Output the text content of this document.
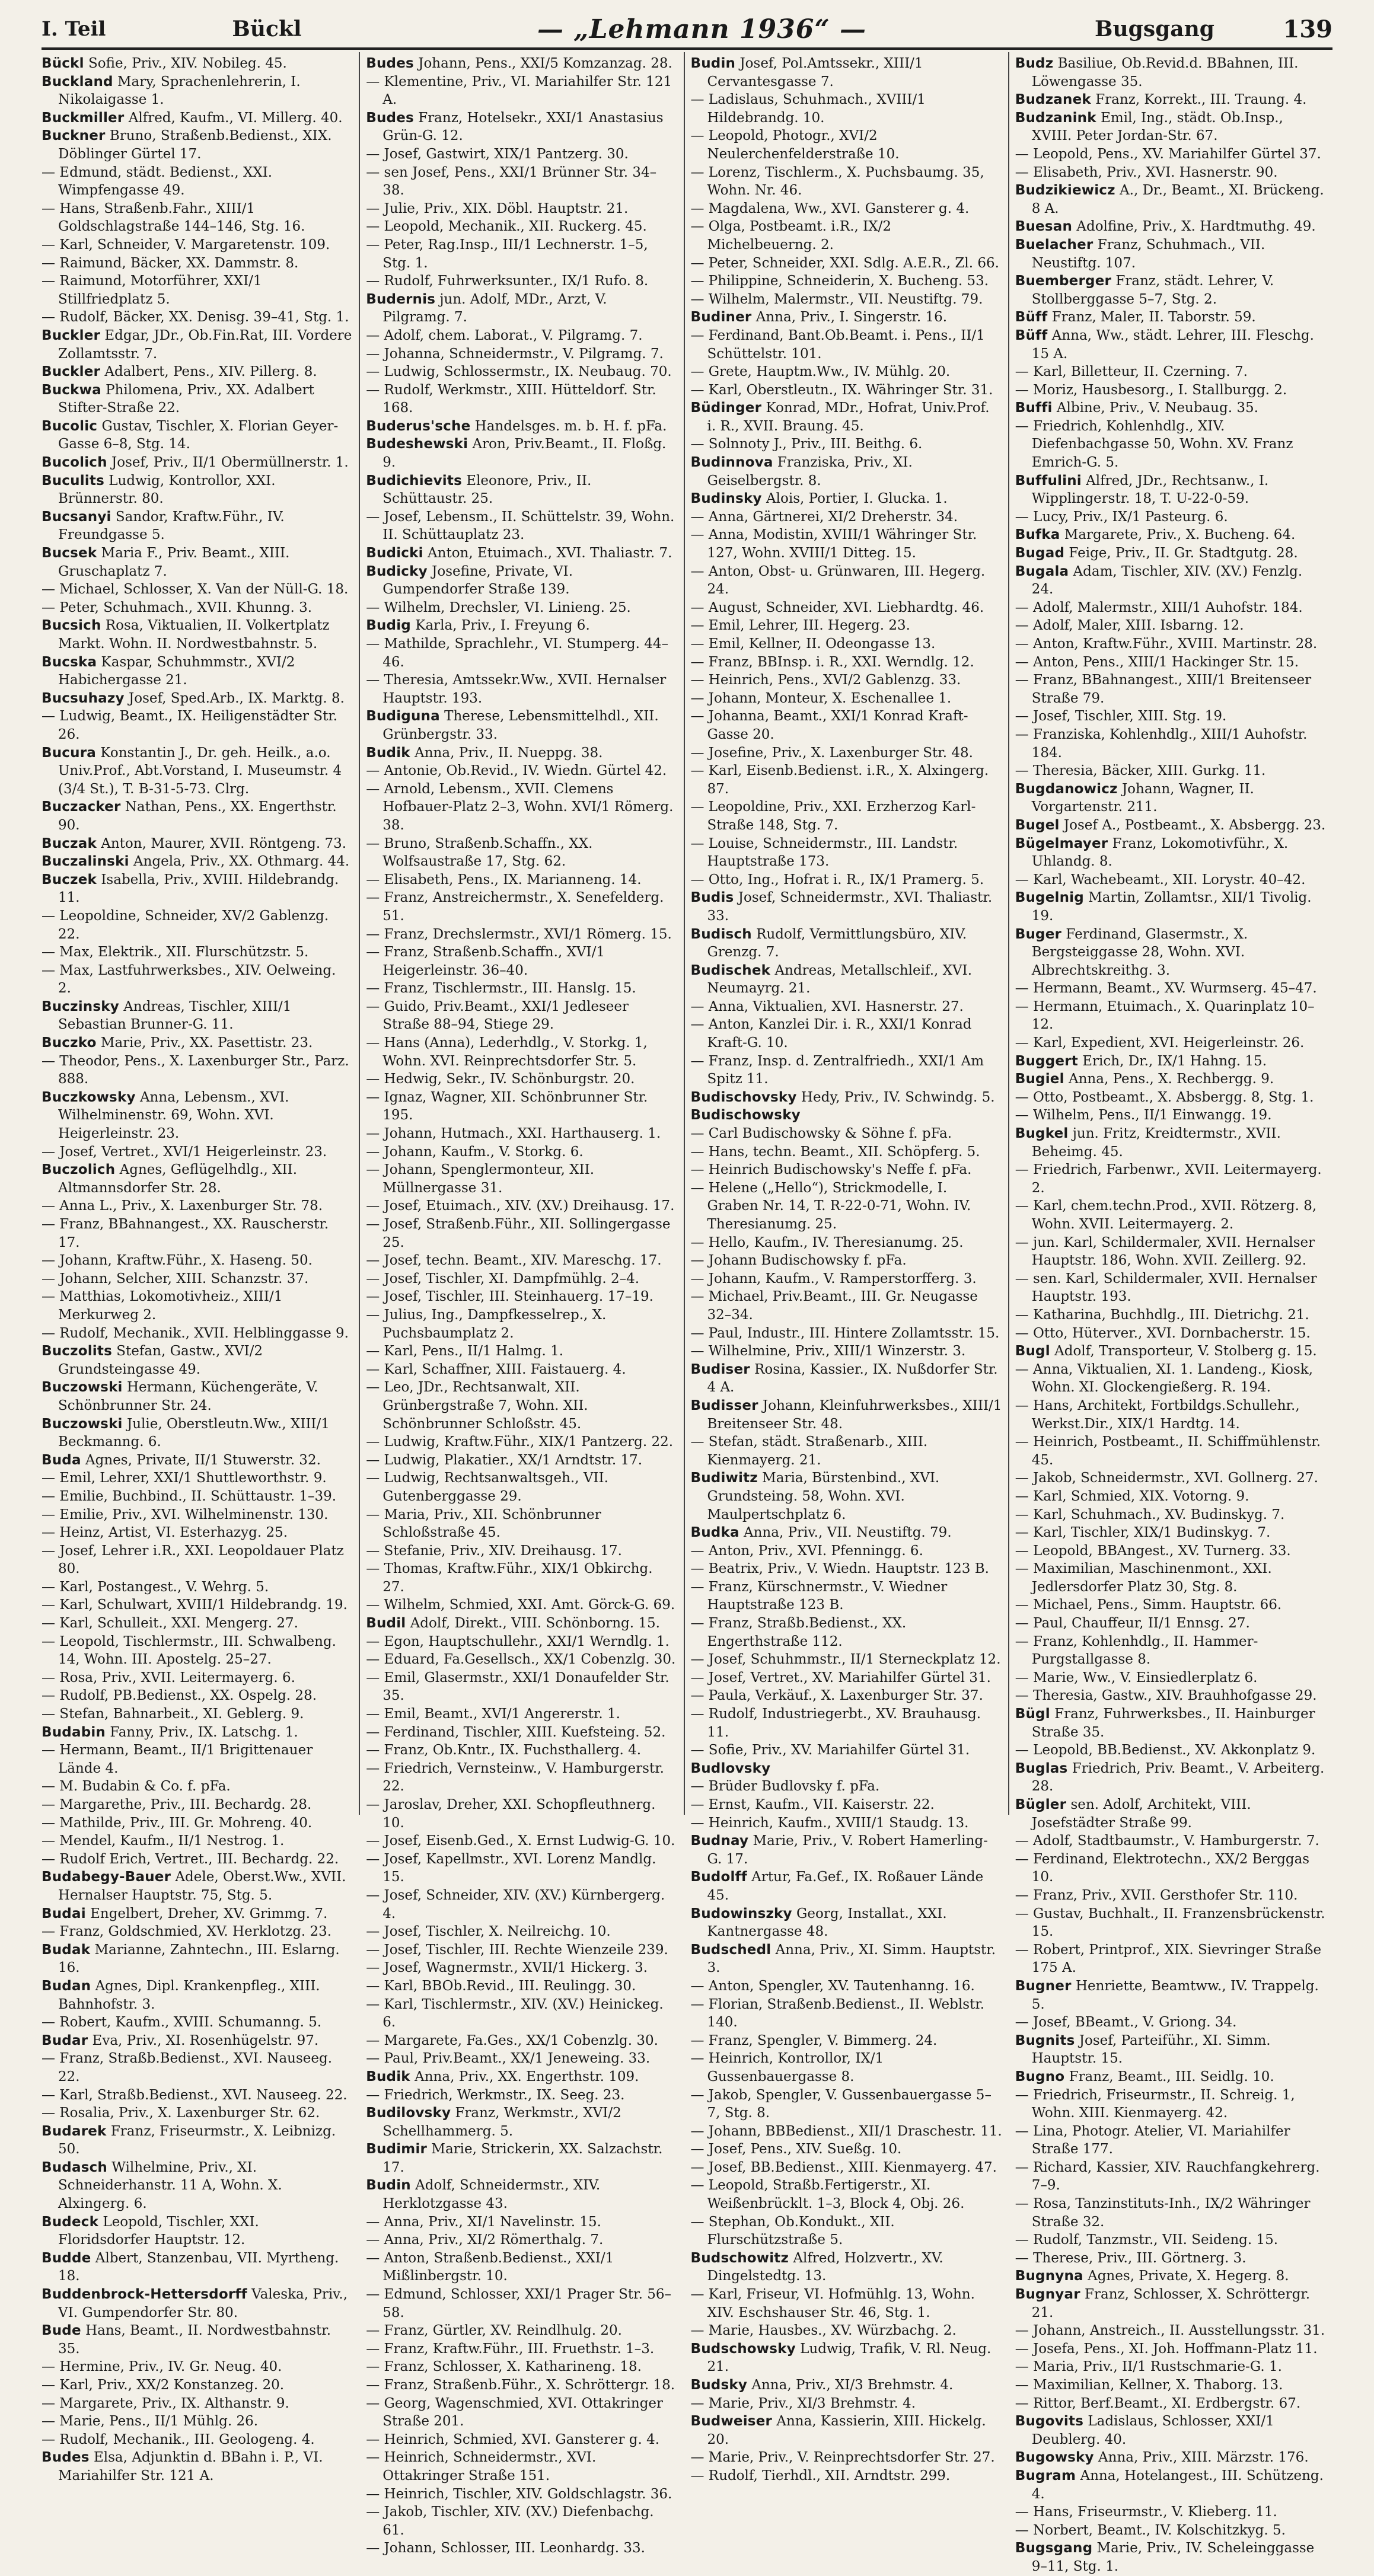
I. Teil	Bückl	— „Lehmann 1936“ —	Bugsgang	139

Bückl Sofie, Priv., XIV. Nobileg. 45.

Buckland Mary, Sprachenlehrerin, I. Nikolaigasse 1.

Buckmiller Alfred, Kaufm., VI. Millerg. 40.

Buckner Bruno, Straßenb.Bedienst., XIX. Döblinger Gürtel 17.

— Edmund, städt. Bedienst., XXI. Wimpfengasse 49.

— Hans, Straßenb.Fahr., XIII/1 Goldschlagstraße 144–146, Stg. 16.

— Karl, Schneider, V. Margaretenstr. 109.

— Raimund, Bäcker, XX. Dammstr. 8.

— Raimund, Motorführer, XXI/1 Stillfriedplatz 5.

— Rudolf, Bäcker, XX. Denisg. 39–41, Stg. 1.

Buckler Edgar, JDr., Ob.Fin.Rat, III. Vordere Zollamtsstr. 7.

Buckler Adalbert, Pens., XIV. Pillerg. 8.

Buckwa Philomena, Priv., XX. Adalbert Stifter-Straße 22.

Bucolic Gustav, Tischler, X. Florian Geyer-Gasse 6–8, Stg. 14.

Bucolich Josef, Priv., II/1 Obermüllnerstr. 1.

Buculits Ludwig, Kontrollor, XXI. Brünnerstr. 80.

Bucsanyi Sandor, Kraftw.Führ., IV. Freundgasse 5.

Bucsek Maria F., Priv. Beamt., XIII. Gruschaplatz 7.

— Michael, Schlosser, X. Van der Nüll-G. 18.

— Peter, Schuhmach., XVII. Khunng. 3.

Bucsich Rosa, Viktualien, II. Volkertplatz Markt. Wohn. II. Nordwestbahnstr. 5.

Bucska Kaspar, Schuhmmstr., XVI/2 Habichergasse 21.

Bucsuhazy Josef, Sped.Arb., IX. Marktg. 8.

— Ludwig, Beamt., IX. Heiligenstädter Str. 26.

Bucura Konstantin J., Dr. geh. Heilk., a.o. Univ.Prof., Abt.Vorstand, I. Museumstr. 4 (3/4 St.), T. B-31-5-73. Clrg.

Buczacker Nathan, Pens., XX. Engerthstr. 90.

Buczak Anton, Maurer, XVII. Röntgeng. 73.

Buczalinski Angela, Priv., XX. Othmarg. 44.

Buczek Isabella, Priv., XVIII. Hildebrandg. 11.

— Leopoldine, Schneider, XV/2 Gablenzg. 22.

— Max, Elektrik., XII. Flurschützstr. 5.

— Max, Lastfuhrwerksbes., XIV. Oelweing. 2.

Buczinsky Andreas, Tischler, XIII/1 Sebastian Brunner-G. 11.

Buczko Marie, Priv., XX. Pasettistr. 23.

— Theodor, Pens., X. Laxenburger Str., Parz. 888.

Buczkowsky Anna, Lebensm., XVI. Wilhelminenstr. 69, Wohn. XVI. Heigerleinstr. 23.

— Josef, Vertret., XVI/1 Heigerleinstr. 23.

Buczolich Agnes, Geflügelhdlg., XII. Altmannsdorfer Str. 28.

— Anna L., Priv., X. Laxenburger Str. 78.

— Franz, BBahnangest., XX. Rauscherstr. 17.

— Johann, Kraftw.Führ., X. Haseng. 50.

— Johann, Selcher, XIII. Schanzstr. 37.

— Matthias, Lokomotivheiz., XIII/1 Merkurweg 2.

— Rudolf, Mechanik., XVII. Helblinggasse 9.

Buczolits Stefan, Gastw., XVI/2 Grundsteingasse 49.

Buczowski Hermann, Küchengeräte, V. Schönbrunner Str. 24.

Buczowski Julie, Oberstleutn.Ww., XIII/1 Beckmanng. 6.

Buda Agnes, Private, II/1 Stuwerstr. 32.

— Emil, Lehrer, XXI/1 Shuttleworthstr. 9.

— Emilie, Buchbind., II. Schüttaustr. 1–39.

— Emilie, Priv., XVI. Wilhelminenstr. 130.

— Heinz, Artist, VI. Esterhazyg. 25.

— Josef, Lehrer i.R., XXI. Leopoldauer Platz 80.

— Karl, Postangest., V. Wehrg. 5.

— Karl, Schulwart, XVIII/1 Hildebrandg. 19.

— Karl, Schulleit., XXI. Mengerg. 27.

— Leopold, Tischlermstr., III. Schwalbeng. 14, Wohn. III. Apostelg. 25–27.

— Rosa, Priv., XVII. Leitermayerg. 6.

— Rudolf, PB.Bedienst., XX. Ospelg. 28.

— Stefan, Bahnarbeit., XI. Geblerg. 9.

Budabin Fanny, Priv., IX. Latschg. 1.

— Hermann, Beamt., II/1 Brigittenauer Lände 4.

— M. Budabin & Co. f. pFa.

— Margarethe, Priv., III. Bechardg. 28.

— Mathilde, Priv., III. Gr. Mohreng. 40.

— Mendel, Kaufm., II/1 Nestrog. 1.

— Rudolf Erich, Vertret., III. Bechardg. 22.

Budabegy-Bauer Adele, Oberst.Ww., XVII. Hernalser Hauptstr. 75, Stg. 5.

Budai Engelbert, Dreher, XV. Grimmg. 7.

— Franz, Goldschmied, XV. Herklotzg. 23.

Budak Marianne, Zahntechn., III. Eslarng. 16.

Budan Agnes, Dipl. Krankenpfleg., XIII. Bahnhofstr. 3.

— Robert, Kaufm., XVIII. Schumanng. 5.

Budar Eva, Priv., XI. Rosenhügelstr. 97.

— Franz, Straßb.Bedienst., XVI. Nauseeg. 22.

— Karl, Straßb.Bedienst., XVI. Nauseeg. 22.

— Rosalia, Priv., X. Laxenburger Str. 62.

Budarek Franz, Friseurmstr., X. Leibnizg. 50.

Budasch Wilhelmine, Priv., XI. Schneiderhanstr. 11 A, Wohn. X. Alxingerg. 6.

Budeck Leopold, Tischler, XXI. Floridsdorfer Hauptstr. 12.

Budde Albert, Stanzenbau, VII. Myrtheng. 18.

Buddenbrock-Hettersdorff Valeska, Priv., VI. Gumpendorfer Str. 80.

Bude Hans, Beamt., II. Nordwestbahnstr. 35.

— Hermine, Priv., IV. Gr. Neug. 40.

— Karl, Priv., XX/2 Konstanzeg. 20.

— Margarete, Priv., IX. Althanstr. 9.

— Marie, Pens., II/1 Mühlg. 26.

— Rudolf, Mechanik., III. Geologeng. 4.

Budes Elsa, Adjunktin d. BBahn i. P., VI. Mariahilfer Str. 121 A.

Budes Johann, Pens., XXI/5 Komzanzag. 28.

— Klementine, Priv., VI. Mariahilfer Str. 121 A.

Budes Franz, Hotelsekr., XXI/1 Anastasius Grün-G. 12.

— Josef, Gastwirt, XIX/1 Pantzerg. 30.

— sen Josef, Pens., XXI/1 Brünner Str. 34–38.

— Julie, Priv., XIX. Döbl. Hauptstr. 21.

— Leopold, Mechanik., XII. Ruckerg. 45.

— Peter, Rag.Insp., III/1 Lechnerstr. 1–5, Stg. 1.

— Rudolf, Fuhrwerksunter., IX/1 Rufo. 8.

Budernis jun. Adolf, MDr., Arzt, V. Pilgramg. 7.

— Adolf, chem. Laborat., V. Pilgramg. 7.

— Johanna, Schneidermstr., V. Pilgramg. 7.

— Ludwig, Schlossermstr., IX. Neubaug. 70.

— Rudolf, Werkmstr., XIII. Hütteldorf. Str. 168.

Buderus'sche Handelsges. m. b. H. f. pFa.

Budeshewski Aron, Priv.Beamt., II. Floßg. 9.

Budichievits Eleonore, Priv., II. Schüttaustr. 25.

— Josef, Lebensm., II. Schüttelstr. 39, Wohn. II. Schüttauplatz 23.

Budicki Anton, Etuimach., XVI. Thaliastr. 7.

Budicky Josefine, Private, VI. Gumpendorfer Straße 139.

— Wilhelm, Drechsler, VI. Linieng. 25.

Budig Karla, Priv., I. Freyung 6.

— Mathilde, Sprachlehr., VI. Stumperg. 44–46.

— Theresia, Amtssekr.Ww., XVII. Hernalser Hauptstr. 193.

Budiguna Therese, Lebensmittelhdl., XII. Grünbergstr. 33.

Budik Anna, Priv., II. Nueppg. 38.

— Antonie, Ob.Revid., IV. Wiedn. Gürtel 42.

— Arnold, Lebensm., XVII. Clemens Hofbauer-Platz 2–3, Wohn. XVI/1 Römerg. 38.

— Bruno, Straßenb.Schaffn., XX. Wolfsaustraße 17, Stg. 62.

— Elisabeth, Pens., IX. Marianneng. 14.

— Franz, Anstreichermstr., X. Senefelderg. 51.

— Franz, Drechslermstr., XVI/1 Römerg. 15.

— Franz, Straßenb.Schaffn., XVI/1 Heigerleinstr. 36–40.

— Franz, Tischlermstr., III. Hanslg. 15.

— Guido, Priv.Beamt., XXI/1 Jedleseer Straße 88–94, Stiege 29.

— Hans (Anna), Lederhdlg., V. Storkg. 1, Wohn. XVI. Reinprechtsdorfer Str. 5.

— Hedwig, Sekr., IV. Schönburgstr. 20.

— Ignaz, Wagner, XII. Schönbrunner Str. 195.

— Johann, Hutmach., XXI. Harthauserg. 1.

— Johann, Kaufm., V. Storkg. 6.

— Johann, Spenglermonteur, XII. Müllnergasse 31.

— Josef, Etuimach., XIV. (XV.) Dreihausg. 17.

— Josef, Straßenb.Führ., XII. Sollingergasse 25.

— Josef, techn. Beamt., XIV. Mareschg. 17.

— Josef, Tischler, XI. Dampfmühlg. 2–4.

— Josef, Tischler, III. Steinhauerg. 17–19.

— Julius, Ing., Dampfkesselrep., X. Puchsbaumplatz 2.

— Karl, Pens., II/1 Halmg. 1.

— Karl, Schaffner, XIII. Faistauerg. 4.

— Leo, JDr., Rechtsanwalt, XII. Grünbergstraße 7, Wohn. XII. Schönbrunner Schloßstr. 45.

— Ludwig, Kraftw.Führ., XIX/1 Pantzerg. 22.

— Ludwig, Plakatier., XX/1 Arndtstr. 17.

— Ludwig, Rechtsanwaltsgeh., VII. Gutenberggasse 29.

— Maria, Priv., XII. Schönbrunner Schloßstraße 45.

— Stefanie, Priv., XIV. Dreihausg. 17.

— Thomas, Kraftw.Führ., XIX/1 Obkirchg. 27.

— Wilhelm, Schmied, XXI. Amt. Görck-G. 69.

Budil Adolf, Direkt., VIII. Schönborng. 15.

— Egon, Hauptschullehr., XXI/1 Werndlg. 1.

— Eduard, Fa.Gesellsch., XX/1 Cobenzlg. 30.

— Emil, Glasermstr., XXI/1 Donaufelder Str. 35.

— Emil, Beamt., XVI/1 Angererstr. 1.

— Ferdinand, Tischler, XIII. Kuefsteing. 52.

— Franz, Ob.Kntr., IX. Fuchsthallerg. 4.

— Friedrich, Vernsteinw., V. Hamburgerstr. 22.

— Jaroslav, Dreher, XXI. Schopfleuthnerg. 10.

— Josef, Eisenb.Ged., X. Ernst Ludwig-G. 10.

— Josef, Kapellmstr., XVI. Lorenz Mandlg. 15.

— Josef, Schneider, XIV. (XV.) Kürnbergerg. 4.

— Josef, Tischler, X. Neilreichg. 10.

— Josef, Tischler, III. Rechte Wienzeile 239.

— Josef, Wagnermstr., XVII/1 Hickerg. 3.

— Karl, BBOb.Revid., III. Reulingg. 30.

— Karl, Tischlermstr., XIV. (XV.) Heinickeg. 6.

— Margarete, Fa.Ges., XX/1 Cobenzlg. 30.

— Paul, Priv.Beamt., XX/1 Jeneweing. 33.

Budik Anna, Priv., XX. Engerthstr. 109.

— Friedrich, Werkmstr., IX. Seeg. 23.

Budilovsky Franz, Werkmstr., XVI/2 Schellhammerg. 5.

Budimir Marie, Strickerin, XX. Salzachstr. 17.

Budin Adolf, Schneidermstr., XIV. Herklotzgasse 43.

— Anna, Priv., XI/1 Navelinstr. 15.

— Anna, Priv., XI/2 Römerthalg. 7.

— Anton, Straßenb.Bedienst., XXI/1 Mißlinbergstr. 10.

— Edmund, Schlosser, XXI/1 Prager Str. 56–58.

— Franz, Gürtler, XV. Reindlhulg. 20.

— Franz, Kraftw.Führ., III. Fruethstr. 1–3.

— Franz, Schlosser, X. Katharineng. 18.

— Franz, Straßenb.Führ., X. Schröttergr. 18.

— Georg, Wagenschmied, XVI. Ottakringer Straße 201.

— Heinrich, Schmied, XVI. Gansterer g. 4.

— Heinrich, Schneidermstr., XVI. Ottakringer Straße 151.

— Heinrich, Tischler, XIV. Goldschlagstr. 36.

— Jakob, Tischler, XIV. (XV.) Diefenbachg. 61.

— Johann, Schlosser, III. Leonhardg. 33.

Budin Josef, Pol.Amtssekr., XIII/1 Cervantesgasse 7.

— Ladislaus, Schuhmach., XVIII/1 Hildebrandg. 10.

— Leopold, Photogr., XVI/2 Neulerchenfelderstraße 10.

— Lorenz, Tischlerm., X. Puchsbaumg. 35, Wohn. Nr. 46.

— Magdalena, Ww., XVI. Gansterer g. 4.

— Olga, Postbeamt. i.R., IX/2 Michelbeuerng. 2.

— Peter, Schneider, XXI. Sdlg. A.E.R., Zl. 66.

— Philippine, Schneiderin, X. Bucheng. 53.

— Wilhelm, Malermstr., VII. Neustiftg. 79.

Budiner Anna, Priv., I. Singerstr. 16.

— Ferdinand, Bant.Ob.Beamt. i. Pens., II/1 Schüttelstr. 101.

— Grete, Hauptm.Ww., IV. Mühlg. 20.

— Karl, Oberstleutn., IX. Währinger Str. 31.

Büdinger Konrad, MDr., Hofrat, Univ.Prof. i. R., XVII. Braung. 45.

— Solnnoty J., Priv., III. Beithg. 6.

Budinnova Franziska, Priv., XI. Geiselbergstr. 8.

Budinsky Alois, Portier, I. Glucka. 1.

— Anna, Gärtnerei, XI/2 Dreherstr. 34.

— Anna, Modistin, XVIII/1 Währinger Str. 127, Wohn. XVIII/1 Ditteg. 15.

— Anton, Obst- u. Grünwaren, III. Hegerg. 24.

— August, Schneider, XVI. Liebhardtg. 46.

— Emil, Lehrer, III. Hegerg. 23.

— Emil, Kellner, II. Odeongasse 13.

— Franz, BBInsp. i. R., XXI. Werndlg. 12.

— Heinrich, Pens., XVI/2 Gablenzg. 33.

— Johann, Monteur, X. Eschenallee 1.

— Johanna, Beamt., XXI/1 Konrad Kraft-Gasse 20.

— Josefine, Priv., X. Laxenburger Str. 48.

— Karl, Eisenb.Bedienst. i.R., X. Alxingerg. 87.

— Leopoldine, Priv., XXI. Erzherzog Karl-Straße 148, Stg. 7.

— Louise, Schneidermstr., III. Landstr. Hauptstraße 173.

— Otto, Ing., Hofrat i. R., IX/1 Pramerg. 5.

Budis Josef, Schneidermstr., XVI. Thaliastr. 33.

Budisch Rudolf, Vermittlungsbüro, XIV. Grenzg. 7.

Budischek Andreas, Metallschleif., XVI. Neumayrg. 21.

— Anna, Viktualien, XVI. Hasnerstr. 27.

— Anton, Kanzlei Dir. i. R., XXI/1 Konrad Kraft-G. 10.

— Franz, Insp. d. Zentralfriedh., XXI/1 Am Spitz 11.

Budischovsky Hedy, Priv., IV. Schwindg. 5.

Budischowsky

— Carl Budischowsky & Söhne f. pFa.

— Hans, techn. Beamt., XII. Schöpferg. 5.

— Heinrich Budischowsky's Neffe f. pFa.

— Helene („Hello“), Strickmodelle, I. Graben Nr. 14, T. R-22-0-71, Wohn. IV. Theresianumg. 25.

— Hello, Kaufm., IV. Theresianumg. 25.

— Johann Budischowsky f. pFa.

— Johann, Kaufm., V. Ramperstorfferg. 3.

— Michael, Priv.Beamt., III. Gr. Neugasse 32–34.

— Paul, Industr., III. Hintere Zollamtsstr. 15.

— Wilhelmine, Priv., XIII/1 Winzerstr. 3.

Budiser Rosina, Kassier., IX. Nußdorfer Str. 4 A.

Budisser Johann, Kleinfuhrwerksbes., XIII/1 Breitenseer Str. 48.

— Stefan, städt. Straßenarb., XIII. Kienmayerg. 21.

Budiwitz Maria, Bürstenbind., XVI. Grundsteing. 58, Wohn. XVI. Maulpertschplatz 6.

Budka Anna, Priv., VII. Neustiftg. 79.

— Anton, Priv., XVI. Pfenningg. 6.

— Beatrix, Priv., V. Wiedn. Hauptstr. 123 B.

— Franz, Kürschnermstr., V. Wiedner Hauptstraße 123 B.

— Franz, Straßb.Bedienst., XX. Engerthstraße 112.

— Josef, Schuhmmstr., II/1 Sterneckplatz 12.

— Josef, Vertret., XV. Mariahilfer Gürtel 31.

— Paula, Verkäuf., X. Laxenburger Str. 37.

— Rudolf, Industriegerbt., XV. Brauhausg. 11.

— Sofie, Priv., XV. Mariahilfer Gürtel 31.

Budlovsky

— Brüder Budlovsky f. pFa.

— Ernst, Kaufm., VII. Kaiserstr. 22.

— Heinrich, Kaufm., XVIII/1 Staudg. 13.

Budnay Marie, Priv., V. Robert Hamerling-G. 17.

Budolff Artur, Fa.Gef., IX. Roßauer Lände 45.

Budowinszky Georg, Installat., XXI. Kantnergasse 48.

Budschedl Anna, Priv., XI. Simm. Hauptstr. 3.

— Anton, Spengler, XV. Tautenhanng. 16.

— Florian, Straßenb.Bedienst., II. Weblstr. 140.

— Franz, Spengler, V. Bimmerg. 24.

— Heinrich, Kontrollor, IX/1 Gussenbauergasse 8.

— Jakob, Spengler, V. Gussenbauergasse 5–7, Stg. 8.

— Johann, BBBedienst., XII/1 Draschestr. 11.

— Josef, Pens., XIV. Sueßg. 10.

— Josef, BB.Bedienst., XIII. Kienmayerg. 47.

— Leopold, Straßb.Fertigerstr., XI. Weißenbrücklt. 1–3, Block 4, Obj. 26.

— Stephan, Ob.Kondukt., XII. Flurschützstraße 5.

Budschowitz Alfred, Holzvertr., XV. Dingelstedtg. 13.

— Karl, Friseur, VI. Hofmühlg. 13, Wohn. XIV. Eschshauser Str. 46, Stg. 1.

— Marie, Hausbes., XV. Würzbachg. 2.

Budschowsky Ludwig, Trafik, V. Rl. Neug. 21.

Budsky Anna, Priv., XI/3 Brehmstr. 4.

— Marie, Priv., XI/3 Brehmstr. 4.

Budweiser Anna, Kassierin, XIII. Hickelg. 20.

— Marie, Priv., V. Reinprechtsdorfer Str. 27.

— Rudolf, Tierhdl., XII. Arndtstr. 299.

Budz Basiliue, Ob.Revid.d. BBahnen, III. Löwengasse 35.

Budzanek Franz, Korrekt., III. Traung. 4.

Budzanink Emil, Ing., städt. Ob.Insp., XVIII. Peter Jordan-Str. 67.

— Leopold, Pens., XV. Mariahilfer Gürtel 37.

— Elisabeth, Priv., XVI. Hasnerstr. 90.

Budzikiewicz A., Dr., Beamt., XI. Brückeng. 8 A.

Buesan Adolfine, Priv., X. Hardtmuthg. 49.

Buelacher Franz, Schuhmach., VII. Neustiftg. 107.

Buemberger Franz, städt. Lehrer, V. Stollberggasse 5–7, Stg. 2.

Büff Franz, Maler, II. Taborstr. 59.

Büff Anna, Ww., städt. Lehrer, III. Fleschg. 15 A.

— Karl, Billetteur, II. Czerning. 7.

— Moriz, Hausbesorg., I. Stallburgg. 2.

Buffi Albine, Priv., V. Neubaug. 35.

— Friedrich, Kohlenhdlg., XIV. Diefenbachgasse 50, Wohn. XV. Franz Emrich-G. 5.

Buffulini Alfred, JDr., Rechtsanw., I. Wipplingerstr. 18, T. U-22-0-59.

— Lucy, Priv., IX/1 Pasteurg. 6.

Bufka Margarete, Priv., X. Bucheng. 64.

Bugad Feige, Priv., II. Gr. Stadtgutg. 28.

Bugala Adam, Tischler, XIV. (XV.) Fenzlg. 24.

— Adolf, Malermstr., XIII/1 Auhofstr. 184.

— Adolf, Maler, XIII. Isbarng. 12.

— Anton, Kraftw.Führ., XVIII. Martinstr. 28.

— Anton, Pens., XIII/1 Hackinger Str. 15.

— Franz, BBahnangest., XIII/1 Breitenseer Straße 79.

— Josef, Tischler, XIII. Stg. 19.

— Franziska, Kohlenhdlg., XIII/1 Auhofstr. 184.

— Theresia, Bäcker, XIII. Gurkg. 11.

Bugdanowicz Johann, Wagner, II. Vorgartenstr. 211.

Bugel Josef A., Postbeamt., X. Absbergg. 23.

Bügelmayer Franz, Lokomotivführ., X. Uhlandg. 8.

— Karl, Wachebeamt., XII. Lorystr. 40–42.

Bugelnig Martin, Zollamtsr., XII/1 Tivolig. 19.

Buger Ferdinand, Glasermstr., X. Bergsteiggasse 28, Wohn. XVI. Albrechtskreithg. 3.

— Hermann, Beamt., XV. Wurmserg. 45–47.

— Hermann, Etuimach., X. Quarinplatz 10–12.

— Karl, Expedient, XVI. Heigerleinstr. 26.

Buggert Erich, Dr., IX/1 Hahng. 15.

Bugiel Anna, Pens., X. Rechbergg. 9.

— Otto, Postbeamt., X. Absbergg. 8, Stg. 1.

— Wilhelm, Pens., II/1 Einwangg. 19.

Bugkel jun. Fritz, Kreidtermstr., XVII. Beheimg. 45.

— Friedrich, Farbenwr., XVII. Leitermayerg. 2.

— Karl, chem.techn.Prod., XVII. Rötzerg. 8, Wohn. XVII. Leitermayerg. 2.

— jun. Karl, Schildermaler, XVII. Hernalser Hauptstr. 186, Wohn. XVII. Zeillerg. 92.

— sen. Karl, Schildermaler, XVII. Hernalser Hauptstr. 193.

— Katharina, Buchhdlg., III. Dietrichg. 21.

— Otto, Hüterver., XVI. Dornbacherstr. 15.

Bugl Adolf, Transporteur, V. Stolberg g. 15.

— Anna, Viktualien, XI. 1. Landeng., Kiosk, Wohn. XI. Glockengießerg. R. 194.

— Hans, Architekt, Fortbildgs.Schullehr., Werkst.Dir., XIX/1 Hardtg. 14.

— Heinrich, Postbeamt., II. Schiffmühlenstr. 45.

— Jakob, Schneidermstr., XVI. Gollnerg. 27.

— Karl, Schmied, XIX. Votorng. 9.

— Karl, Schuhmach., XV. Budinskyg. 7.

— Karl, Tischler, XIX/1 Budinskyg. 7.

— Leopold, BBAngest., XV. Turnerg. 33.

— Maximilian, Maschinenmont., XXI. Jedlersdorfer Platz 30, Stg. 8.

— Michael, Pens., Simm. Hauptstr. 66.

— Paul, Chauffeur, II/1 Ennsg. 27.

— Franz, Kohlenhdlg., II. Hammer-Purgstallgasse 8.

— Marie, Ww., V. Einsiedlerplatz 6.

— Theresia, Gastw., XIV. Brauhhofgasse 29.

Bügl Franz, Fuhrwerksbes., II. Hainburger Straße 35.

— Leopold, BB.Bedienst., XV. Akkonplatz 9.

Buglas Friedrich, Priv. Beamt., V. Arbeiterg. 28.

Bügler sen. Adolf, Architekt, VIII. Josefstädter Straße 99.

— Adolf, Stadtbaumstr., V. Hamburgerstr. 7.

— Ferdinand, Elektrotechn., XX/2 Berggas 10.

— Franz, Priv., XVII. Gersthofer Str. 110.

— Gustav, Buchhalt., II. Franzensbrückenstr. 15.

— Robert, Printprof., XIX. Sievringer Straße 175 A.

Bugner Henriette, Beamtww., IV. Trappelg. 5.

— Josef, BBeamt., V. Griong. 34.

Bugnits Josef, Parteiführ., XI. Simm. Hauptstr. 15.

Bugno Franz, Beamt., III. Seidlg. 10.

— Friedrich, Friseurmstr., II. Schreig. 1, Wohn. XIII. Kienmayerg. 42.

— Lina, Photogr. Atelier, VI. Mariahilfer Straße 177.

— Richard, Kassier, XIV. Rauchfangkehrerg. 7–9.

— Rosa, Tanzinstituts-Inh., IX/2 Währinger Straße 32.

— Rudolf, Tanzmstr., VII. Seideng. 15.

— Therese, Priv., III. Görtnerg. 3.

Bugnyna Agnes, Private, X. Hegerg. 8.

Bugnyar Franz, Schlosser, X. Schröttergr. 21.

— Johann, Anstreich., II. Ausstellungsstr. 31.

— Josefa, Pens., XI. Joh. Hoffmann-Platz 11.

— Maria, Priv., II/1 Rustschmarie-G. 1.

— Maximilian, Kellner, X. Thaborg. 13.

— Rittor, Berf.Beamt., XI. Erdbergstr. 67.

Bugovits Ladislaus, Schlosser, XXI/1 Deublerg. 40.

Bugowsky Anna, Priv., XIII. Märzstr. 176.

Bugram Anna, Hotelangest., III. Schützeng. 4.

— Hans, Friseurmstr., V. Klieberg. 11.

— Norbert, Beamt., IV. Kolschitzkyg. 5.

Bugsgang Marie, Priv., IV. Scheleinggasse 9–11, Stg. 1.
